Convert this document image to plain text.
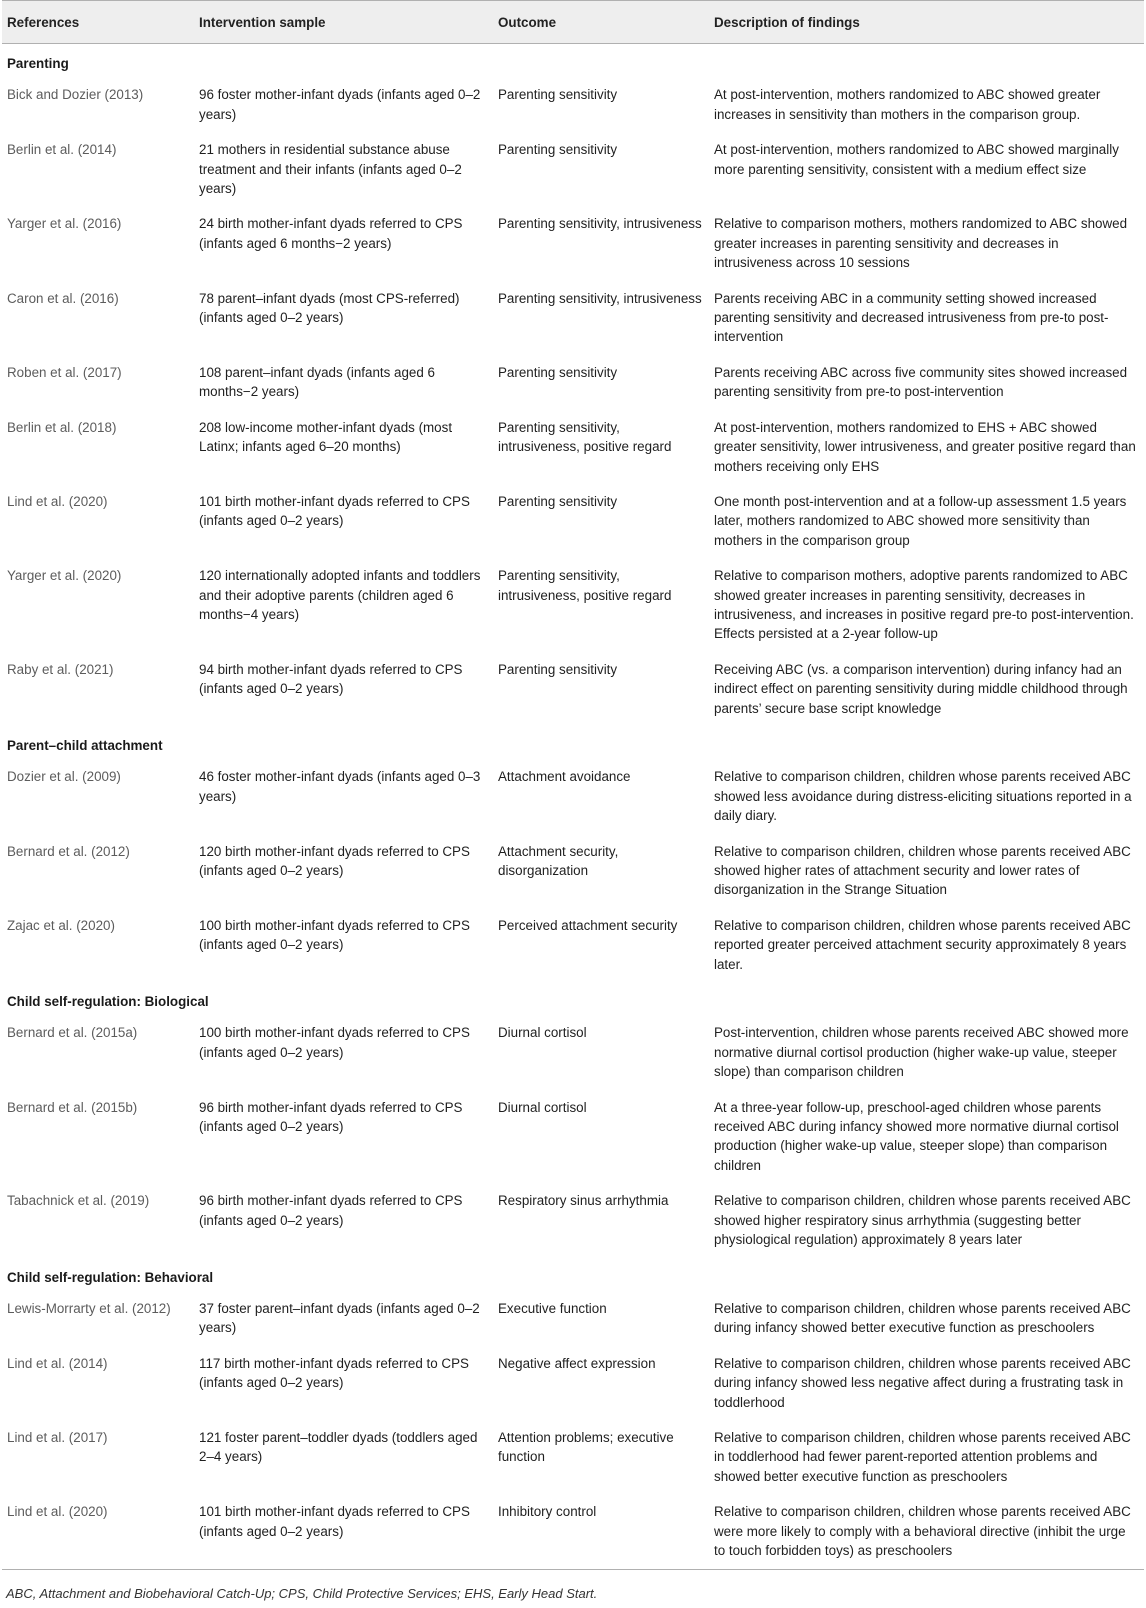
References	Intervention sample	Outcome	Description of findings
Parenting			
Bick and Dozier (2013)	96 foster mother-infant dyads (infants aged 0–2 years)	Parenting sensitivity	At post-intervention, mothers randomized to ABC showed greater increases in sensitivity than mothers in the comparison group.
Berlin et al. (2014)	21 mothers in residential substance abuse treatment and their infants (infants aged 0–2 years)	Parenting sensitivity	At post-intervention, mothers randomized to ABC showed marginally more parenting sensitivity, consistent with a medium effect size
Yarger et al. (2016)	24 birth mother-infant dyads referred to CPS (infants aged 6 months−2 years)	Parenting sensitivity, intrusiveness	Relative to comparison mothers, mothers randomized to ABC showed greater increases in parenting sensitivity and decreases in intrusiveness across 10 sessions
Caron et al. (2016)	78 parent–infant dyads (most CPS-referred) (infants aged 0–2 years)	Parenting sensitivity, intrusiveness	Parents receiving ABC in a community setting showed increased parenting sensitivity and decreased intrusiveness from pre-to post-intervention
Roben et al. (2017)	108 parent–infant dyads (infants aged 6 months−2 years)	Parenting sensitivity	Parents receiving ABC across five community sites showed increased parenting sensitivity from pre-to post-intervention
Berlin et al. (2018)	208 low-income mother-infant dyads (most Latinx; infants aged 6–20 months)	Parenting sensitivity, intrusiveness, positive regard	At post-intervention, mothers randomized to EHS + ABC showed greater sensitivity, lower intrusiveness, and greater positive regard than mothers receiving only EHS
Lind et al. (2020)	101 birth mother-infant dyads referred to CPS (infants aged 0–2 years)	Parenting sensitivity	One month post-intervention and at a follow-up assessment 1.5 years later, mothers randomized to ABC showed more sensitivity than mothers in the comparison group
Yarger et al. (2020)	120 internationally adopted infants and toddlers and their adoptive parents (children aged 6 months−4 years)	Parenting sensitivity, intrusiveness, positive regard	Relative to comparison mothers, adoptive parents randomized to ABC showed greater increases in parenting sensitivity, decreases in intrusiveness, and increases in positive regard pre-to post-intervention. Effects persisted at a 2-year follow-up
Raby et al. (2021)	94 birth mother-infant dyads referred to CPS (infants aged 0–2 years)	Parenting sensitivity	Receiving ABC (vs. a comparison intervention) during infancy had an indirect effect on parenting sensitivity during middle childhood through parents’ secure base script knowledge
Parent–child attachment			
Dozier et al. (2009)	46 foster mother-infant dyads (infants aged 0–3 years)	Attachment avoidance	Relative to comparison children, children whose parents received ABC showed less avoidance during distress-eliciting situations reported in a daily diary.
Bernard et al. (2012)	120 birth mother-infant dyads referred to CPS (infants aged 0–2 years)	Attachment security, disorganization	Relative to comparison children, children whose parents received ABC showed higher rates of attachment security and lower rates of disorganization in the Strange Situation
Zajac et al. (2020)	100 birth mother-infant dyads referred to CPS (infants aged 0–2 years)	Perceived attachment security	Relative to comparison children, children whose parents received ABC reported greater perceived attachment security approximately 8 years later.
Child self-regulation: Biological			
Bernard et al. (2015a)	100 birth mother-infant dyads referred to CPS (infants aged 0–2 years)	Diurnal cortisol	Post-intervention, children whose parents received ABC showed more normative diurnal cortisol production (higher wake-up value, steeper slope) than comparison children
Bernard et al. (2015b)	96 birth mother-infant dyads referred to CPS (infants aged 0–2 years)	Diurnal cortisol	At a three-year follow-up, preschool-aged children whose parents received ABC during infancy showed more normative diurnal cortisol production (higher wake-up value, steeper slope) than comparison children
Tabachnick et al. (2019)	96 birth mother-infant dyads referred to CPS (infants aged 0–2 years)	Respiratory sinus arrhythmia	Relative to comparison children, children whose parents received ABC showed higher respiratory sinus arrhythmia (suggesting better physiological regulation) approximately 8 years later
Child self-regulation: Behavioral			
Lewis-Morrarty et al. (2012)	37 foster parent–infant dyads (infants aged 0–2 years)	Executive function	Relative to comparison children, children whose parents received ABC during infancy showed better executive function as preschoolers
Lind et al. (2014)	117 birth mother-infant dyads referred to CPS (infants aged 0–2 years)	Negative affect expression	Relative to comparison children, children whose parents received ABC during infancy showed less negative affect during a frustrating task in toddlerhood
Lind et al. (2017)	121 foster parent–toddler dyads (toddlers aged 2–4 years)	Attention problems; executive function	Relative to comparison children, children whose parents received ABC in toddlerhood had fewer parent-reported attention problems and showed better executive function as preschoolers
Lind et al. (2020)	101 birth mother-infant dyads referred to CPS (infants aged 0–2 years)	Inhibitory control	Relative to comparison children, children whose parents received ABC were more likely to comply with a behavioral directive (inhibit the urge to touch forbidden toys) as preschoolers
ABC, Attachment and Biobehavioral Catch-Up; CPS, Child Protective Services; EHS, Early Head Start.
